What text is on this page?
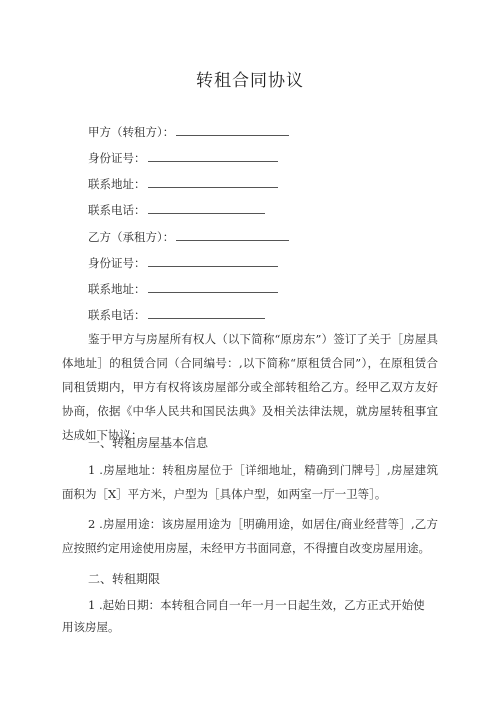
转租合同协议
甲方（转租方）：
身份证号：
联系地址：
联系电话：
乙方（承租方）：
身份证号：
联系地址：
联系电话：
鉴于甲方与房屋所有权人（以下简称“原房东”）签订了关于［房屋具体地址］的租赁合同（合同编号：,以下简称“原租赁合同”），在原租赁合同租赁期内，甲方有权将该房屋部分或全部转租给乙方。经甲乙双方友好协商，依据《中华人民共和国民法典》及相关法律法规，就房屋转租事宜达成如下协议：
一、转租房屋基本信息
1 .房屋地址：转租房屋位于［详细地址，精确到门牌号］,房屋建筑面积为［X］平方米，户型为［具体户型，如两室一厅一卫等］。
2 .房屋用途：该房屋用途为［明确用途，如居住/商业经营等］,乙方应按照约定用途使用房屋，未经甲方书面同意，不得擅自改变房屋用途。
二、转租期限
1 .起始日期：本转租合同自一年一月一日起生效，乙方正式开始使
用该房屋。
